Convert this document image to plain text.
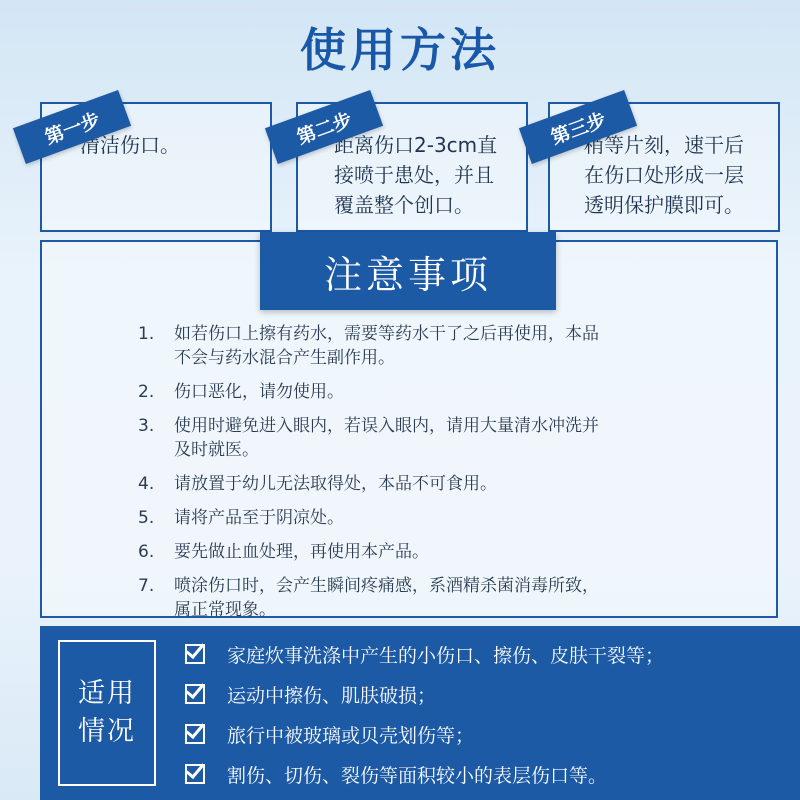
使用方法
清洁伤口。
第一步	距离伤口2-3cm直
接喷于患处，并且
覆盖整个创口。
第二步	稍等片刻，速干后
在伤口处形成一层
透明保护膜即可。
第三步
注意事项
1.	如若伤口上擦有药水，需要等药水干了之后再使用，本品
不会与药水混合产生副作用。
2.	伤口恶化，请勿使用。
3.	使用时避免进入眼内，若误入眼内，请用大量清水冲洗并
及时就医。
4.	请放置于幼儿无法取得处，本品不可食用。
5.	请将产品至于阴凉处。
6.	要先做止血处理，再使用本产品。
7.	喷涂伤口时，会产生瞬间疼痛感，系酒精杀菌消毒所致，
属正常现象。
适用
情况
家庭炊事洗涤中产生的小伤口、擦伤、皮肤干裂等；
运动中擦伤、肌肤破损；
旅行中被玻璃或贝壳划伤等；
割伤、切伤、裂伤等面积较小的表层伤口等。
